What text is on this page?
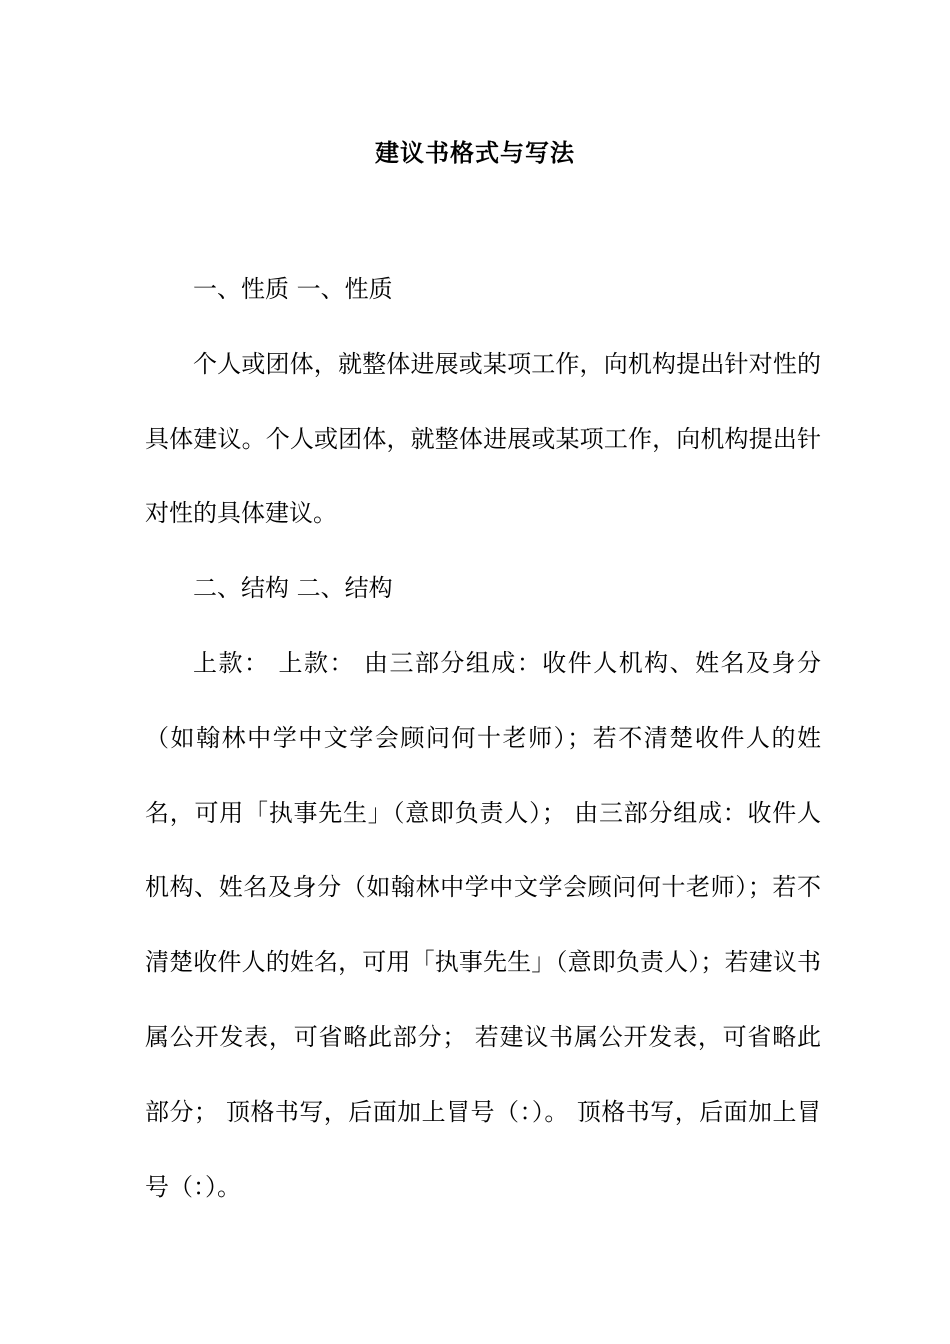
建议书格式与写法

一、性质 一、性质

个人或团体，就整体进展或某项工作，向机构提出针对性的具体建议。个人或团体，就整体进展或某项工作，向机构提出针对性的具体建议。

二、结构 二、结构

上款： 上款： 由三部分组成：收件人机构、姓名及身分（如翰林中学中文学会顾问何十老师）；若不清楚收件人的姓名，可用「执事先生」（意即负责人）； 由三部分组成：收件人机构、姓名及身分（如翰林中学中文学会顾问何十老师）；若不清楚收件人的姓名，可用「执事先生」（意即负责人）；若建议书属公开发表，可省略此部分； 若建议书属公开发表，可省略此部分； 顶格书写，后面加上冒号（：）。 顶格书写，后面加上冒号（：）。
